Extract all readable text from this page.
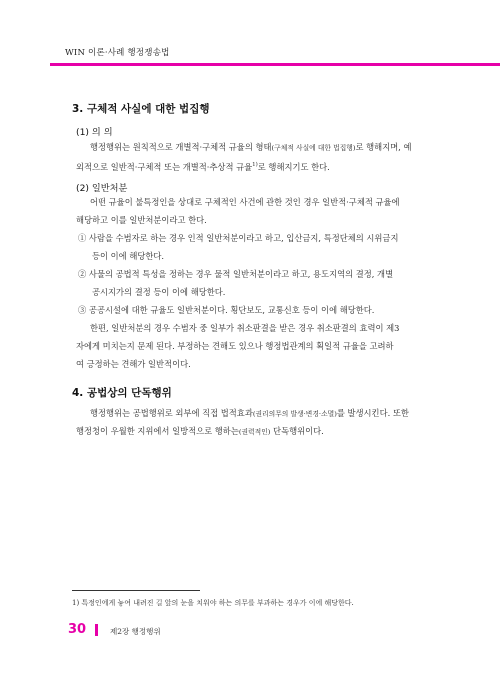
WIN 이론·사례 행정쟁송법
3. 구체적 사실에 대한 법집행
(1) 의 의
행정행위는 원칙적으로 개별적·구체적 규율의 형태(구체적 사실에 대한 법집행)로 행해지며, 예
외적으로 일반적·구체적 또는 개별적·추상적 규율$^{1)}$로 행해지기도 한다.
(2) 일반처분
어떤 규율이 불특정인을 상대로 구체적인 사건에 관한 것인 경우 일반적·구체적 규율에
해당하고 이를 일반처분이라고 한다.
① 사람을 수범자로 하는 경우 인적 일반처분이라고 하고, 입산금지, 특정단체의 시위금지
등이 이에 해당한다.
② 사물의 공법적 특성을 정하는 경우 물적 일반처분이라고 하고, 용도지역의 결정, 개별
공시지가의 결정 등이 이에 해당한다.
③ 공공시설에 대한 규율도 일반처분이다. 횡단보도, 교통신호 등이 이에 해당한다.
한편, 일반처분의 경우 수범자 중 일부가 취소판결을 받은 경우 취소판결의 효력이 제3
자에게 미치는지 문제 된다. 부정하는 견해도 있으나 행정법관계의 획일적 규율을 고려하
여 긍정하는 견해가 일반적이다.
4. 공법상의 단독행위
행정행위는 공법행위로 외부에 직접 법적효과(권리의무의 발생·변경·소멸)를 발생시킨다. 또한
행정청이 우월한 지위에서 일방적으로 행하는(권력적인) 단독행위이다.
1) 특정인에게 놓여 내려진 길 앞의 눈을 치워야 하는 의무를 부과하는 경우가 이에 해당한다.
30	제2장 행정행위
